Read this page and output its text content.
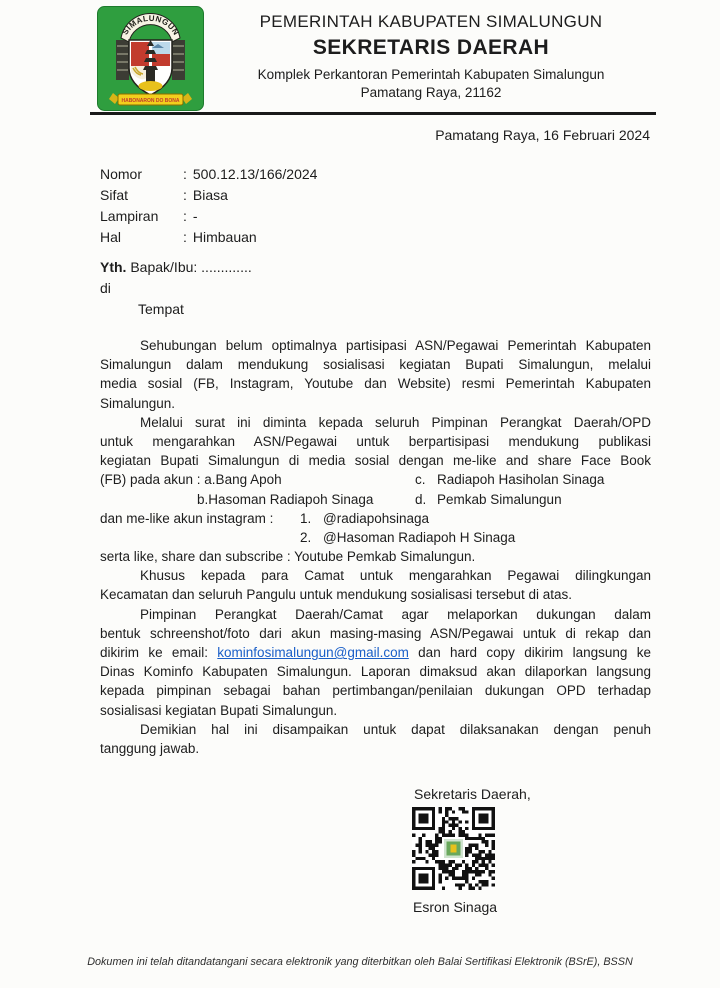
SIMALUNGUN
HABONARON DO BONA
PEMERINTAH KABUPATEN SIMALUNGUN
SEKRETARIS DAERAH
Komplek Perkantoran Pemerintah Kabupaten Simalungun
Pamatang Raya, 21162
Pamatang Raya, 16 Februari 2024
Nomor	: 500.12.13/166/2024
Sifat	: Biasa
Lampiran	: -
Hal	: Himbauan
Yth. Bapak/Ibu: .............
di
Tempat
Sehubungan belum optimalnya partisipasi ASN/Pegawai Pemerintah Kabupaten
Simalungun dalam mendukung sosialisasi kegiatan Bupati Simalungun, melalui
media sosial (FB, Instagram, Youtube dan Website) resmi Pemerintah Kabupaten
Simalungun.
Melalui surat ini diminta kepada seluruh Pimpinan Perangkat Daerah/OPD
untuk mengarahkan ASN/Pegawai untuk berpartisipasi mendukung publikasi
kegiatan Bupati Simalungun di media sosial dengan me-like and share Face Book
(FB) pada akun : a.Bang Apoh	c. Radiapoh Hasiholan Sinaga
b.Hasoman Radiapoh Sinaga	d. Pemkab Simalungun
dan me-like akun instagram : 1. @radiapohsinaga
2. @Hasoman Radiapoh H Sinaga
serta like, share dan subscribe : Youtube Pemkab Simalungun.
Khusus kepada para Camat untuk mengarahkan Pegawai dilingkungan
Kecamatan dan seluruh Pangulu untuk mendukung sosialisasi tersebut di atas.
Pimpinan Perangkat Daerah/Camat agar melaporkan dukungan dalam
bentuk schreenshot/foto dari akun masing-masing ASN/Pegawai untuk di rekap dan
dikirim ke email: kominfosimalungun@gmail.com dan hard copy dikirim langsung ke
Dinas Kominfo Kabupaten Simalungun. Laporan dimaksud akan dilaporkan langsung
kepada pimpinan sebagai bahan pertimbangan/penilaian dukungan OPD terhadap
sosialisasi kegiatan Bupati Simalungun.
Demikian hal ini disampaikan untuk dapat dilaksanakan dengan penuh
tanggung jawab.
Sekretaris Daerah,
Esron Sinaga
Dokumen ini telah ditandatangani secara elektronik yang diterbitkan oleh Balai Sertifikasi Elektronik (BSrE), BSSN
